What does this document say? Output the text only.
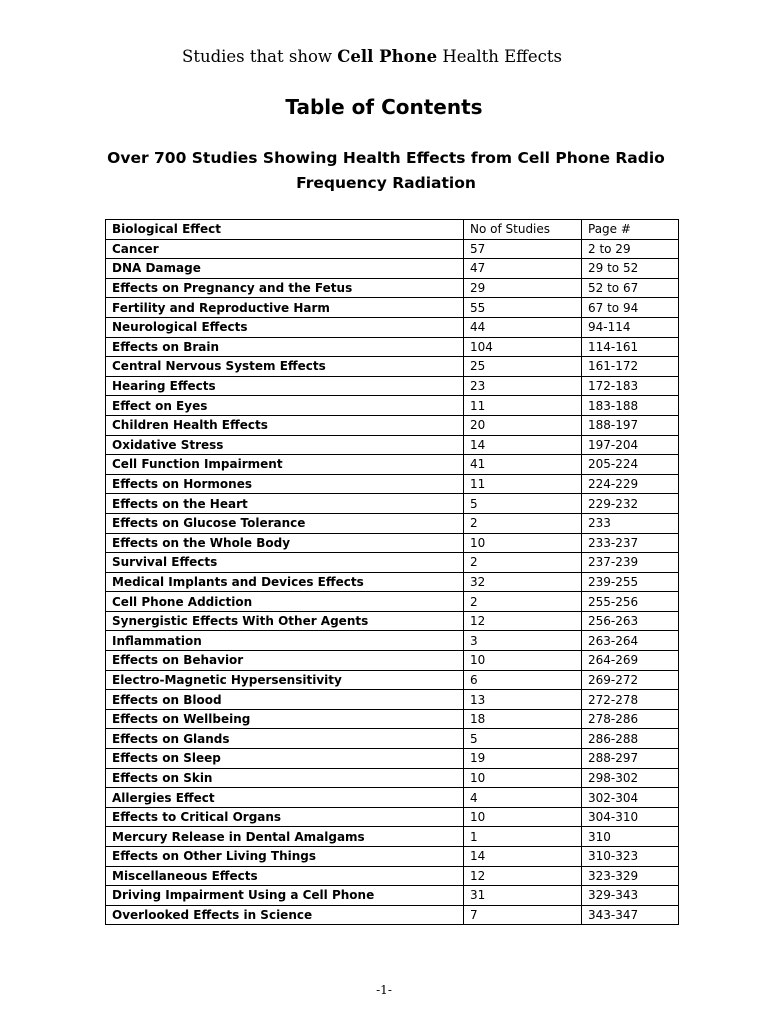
Studies that show Cell Phone Health Effects
Table of Contents
Over 700 Studies Showing Health Effects from Cell Phone Radio Frequency Radiation
Biological Effect	No of Studies	Page #
Cancer	57	2 to 29
DNA Damage	47	29 to 52
Effects on Pregnancy and the Fetus	29	52 to 67
Fertility and Reproductive Harm	55	67 to 94
Neurological Effects	44	94-114
Effects on Brain	104	114-161
Central Nervous System Effects	25	161-172
Hearing Effects	23	172-183
Effect on Eyes	11	183-188
Children Health Effects	20	188-197
Oxidative Stress	14	197-204
Cell Function Impairment	41	205-224
Effects on Hormones	11	224-229
Effects on the Heart	5	229-232
Effects on Glucose Tolerance	2	233
Effects on the Whole Body	10	233-237
Survival Effects	2	237-239
Medical Implants and Devices Effects	32	239-255
Cell Phone Addiction	2	255-256
Synergistic Effects With Other Agents	12	256-263
Inflammation	3	263-264
Effects on Behavior	10	264-269
Electro-Magnetic Hypersensitivity	6	269-272
Effects on Blood	13	272-278
Effects on Wellbeing	18	278-286
Effects on Glands	5	286-288
Effects on Sleep	19	288-297
Effects on Skin	10	298-302
Allergies Effect	4	302-304
Effects to Critical Organs	10	304-310
Mercury Release in Dental Amalgams	1	310
Effects on Other Living Things	14	310-323
Miscellaneous Effects	12	323-329
Driving Impairment Using a Cell Phone	31	329-343
Overlooked Effects in Science	7	343-347
-1-
